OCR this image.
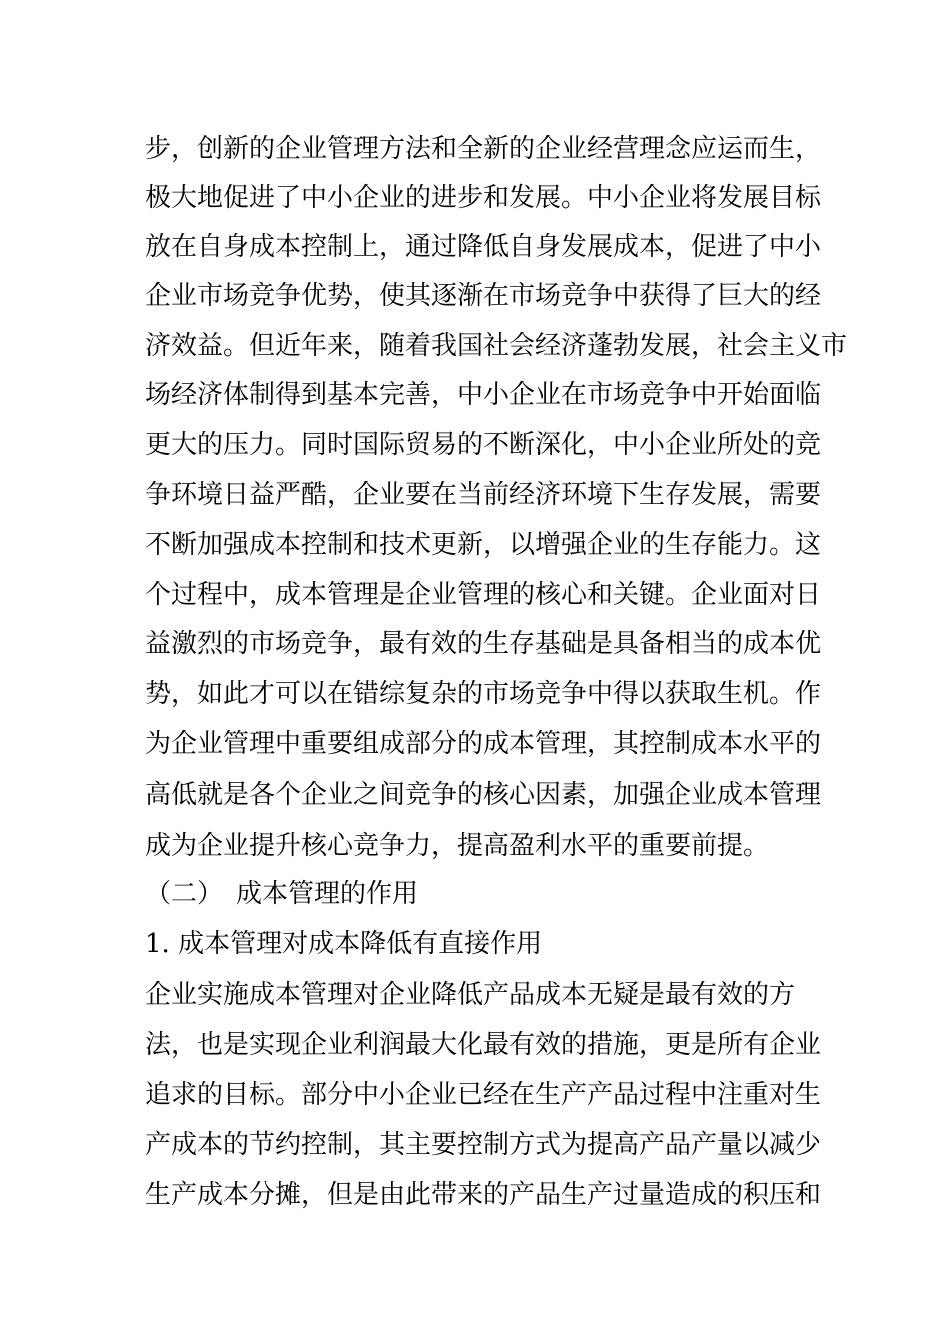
步，创新的企业管理方法和全新的企业经营理念应运而生，
极大地促进了中小企业的进步和发展。中小企业将发展目标
放在自身成本控制上，通过降低自身发展成本，促进了中小
企业市场竞争优势，使其逐渐在市场竞争中获得了巨大的经
济效益。但近年来，随着我国社会经济蓬勃发展，社会主义市
场经济体制得到基本完善，中小企业在市场竞争中开始面临
更大的压力。同时国际贸易的不断深化，中小企业所处的竞
争环境日益严酷，企业要在当前经济环境下生存发展，需要
不断加强成本控制和技术更新，以增强企业的生存能力。这
个过程中，成本管理是企业管理的核心和关键。企业面对日
益激烈的市场竞争，最有效的生存基础是具备相当的成本优
势，如此才可以在错综复杂的市场竞争中得以获取生机。作
为企业管理中重要组成部分的成本管理，其控制成本水平的
高低就是各个企业之间竞争的核心因素，加强企业成本管理
成为企业提升核心竞争力，提高盈利水平的重要前提。
（二）　成本管理的作用
1. 成本管理对成本降低有直接作用
企业实施成本管理对企业降低产品成本无疑是最有效的方
法，也是实现企业利润最大化最有效的措施，更是所有企业
追求的目标。部分中小企业已经在生产产品过程中注重对生
产成本的节约控制，其主要控制方式为提高产品产量以减少
生产成本分摊，但是由此带来的产品生产过量造成的积压和
